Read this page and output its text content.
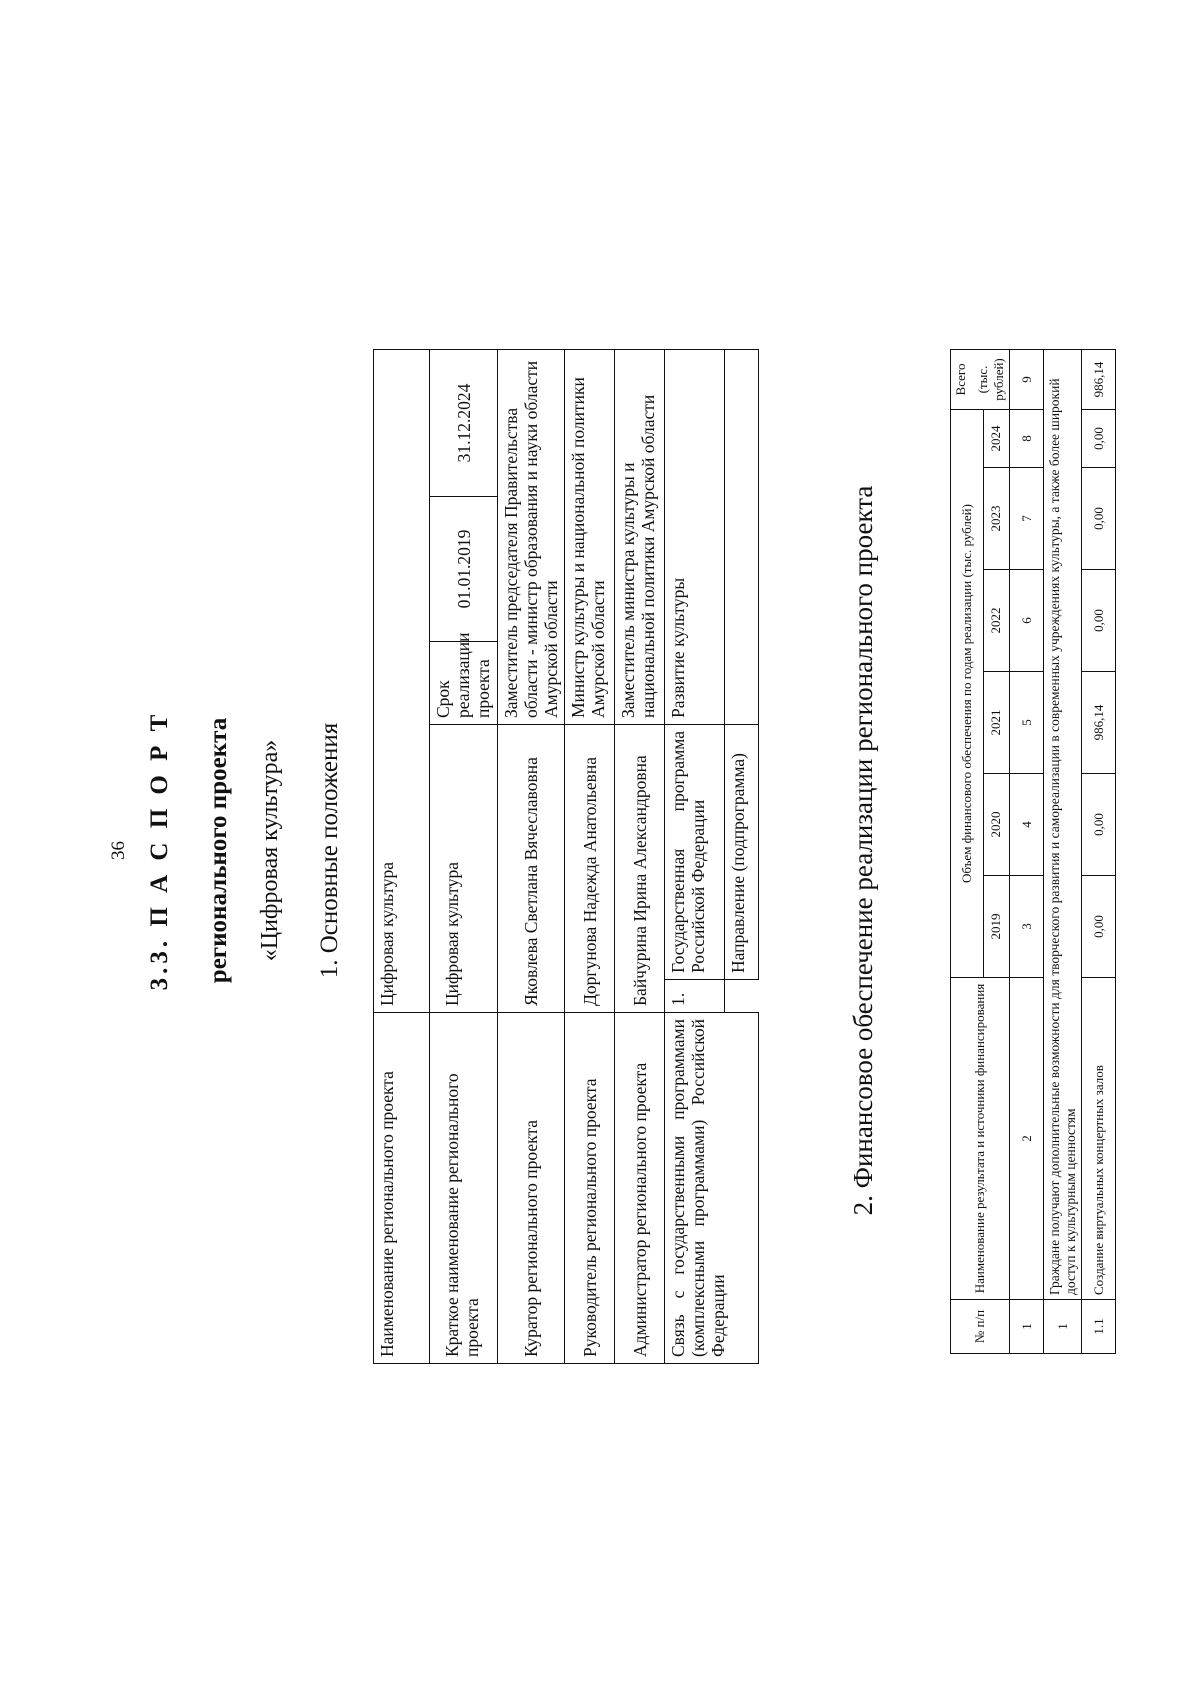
36 3.3. П А С П О Р Т регионального проекта «Цифровая культура» 1. Основные положения
Наименование регионального проекта	Цифровая культура				
Краткое наименование регионального проекта	Цифровая культура		Срок реализации проекта	01.01.2019	31.12.2024
Куратор регионального проекта	Яковлева Светлана Вячеславовна		Заместитель председателя Правительства области - министр образования и науки области Амурской области		
Руководитель регионального проекта	Доргунова Надежда Анатольевна		Министр культуры и национальной политики Амурской области		
Администратор регионального проекта	Байчурина Ирина Александровна		Заместитель министра культуры и национальной политики Амурской области		
Связь с государственными программами (комплексными программами) Российской Федерации	1.	Государственная программа Российской Федерации	Развитие культуры		
		Направление (подпрограмма)				2. Финансовое обеспечение реализации регионального проекта
№ п/п	Наименование результата и источники финансирования	Объем финансового обеспечения по годам реализации (тыс. рублей)						Всего (тыс. рублей)

		2019	2020	2021	2022	2023	2024	
1	2	3	4	5	6	7	8	9
1	Граждане получают дополнительные возможности для творческого развития и самореализации в современных учреждениях культуры, а также более широкий доступ к культурным ценностям							
1.1	Создание виртуальных концертных залов	0,00	0,00	986,14	0,00	0,00	0,00	986,14
